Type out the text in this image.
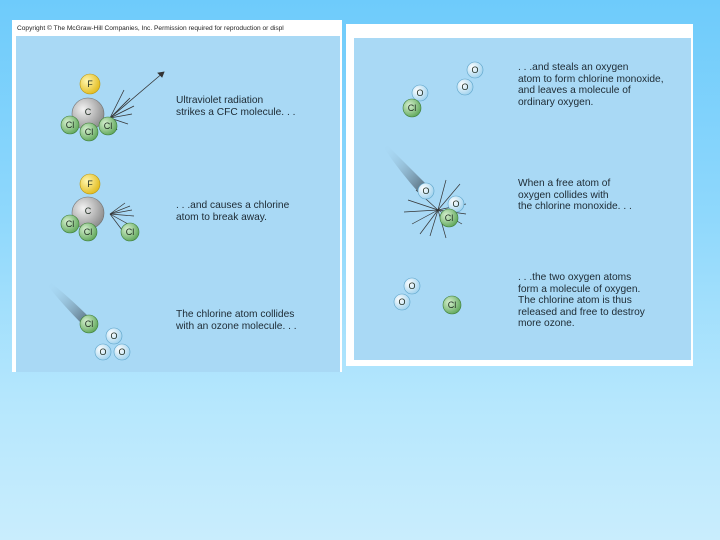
Copyright © The McGraw-Hill Companies, Inc. Permission required for reproduction or displ
F
C
Cl
Cl
Cl
F
C
Cl
Cl	Cl
Cl
O
O O
Ultraviolet radiation
strikes a CFC molecule. . .
. . .and causes a chlorine
atom to break away.
The chlorine atom collides
with an ozone molecule. . .
O
O
O
Cl
O
O
Cl
O
O	Cl
. . .and steals an oxygen
atom to form chlorine monoxide,
and leaves a molecule of
ordinary oxygen.
When a free atom of
oxygen collides with
the chlorine monoxide. . .
. . .the two oxygen atoms
form a molecule of oxygen.
The chlorine atom is thus
released and free to destroy
more ozone.
